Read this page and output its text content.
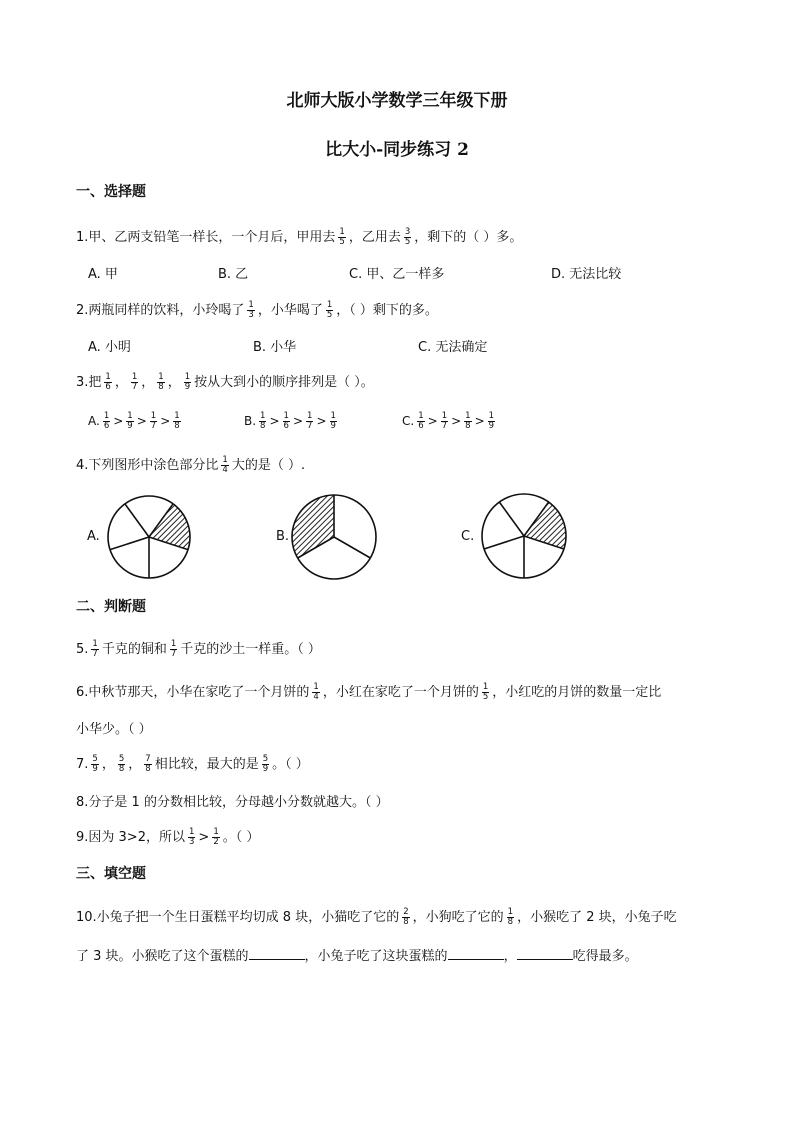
北师大版小学数学三年级下册
比大小-同步练习 2
一、选择题
1.甲、乙两支铅笔一样长，一个月后，甲用去 $\frac{1}{5}$ ，乙用去 $\frac{3}{5}$ ，剩下的（ ）多。
A. 甲	B. 乙	C. 甲、乙一样多	D. 无法比较
2.两瓶同样的饮料，小玲喝了 $\frac{1}{3}$ ，小华喝了 $\frac{1}{5}$ ，（ ）剩下的多。
A. 小明	B. 小华	C. 无法确定
3.把 $\frac{1}{6}$ ， $\frac{1}{7}$ ， $\frac{1}{8}$ ， $\frac{1}{9}$ 按从大到小的顺序排列是（ ）。
A. $\frac{1}{6} > \frac{1}{9} > \frac{1}{7} > \frac{1}{8}$	B. $\frac{1}{8} > \frac{1}{6} > \frac{1}{7} > \frac{1}{9}$	C. $\frac{1}{6} > \frac{1}{7} > \frac{1}{8} > \frac{1}{9}$
4.下列图形中涂色部分比 $\frac{1}{4}$ 大的是（ ）.
A.	B.	C.
二、判断题
5. $\frac{1}{7}$ 千克的铜和 $\frac{1}{7}$ 千克的沙土一样重。（ ）
6.中秋节那天，小华在家吃了一个月饼的 $\frac{1}{4}$ ，小红在家吃了一个月饼的 $\frac{1}{5}$ ，小红吃的月饼的数量一定比
小华少。（ ）
7. $\frac{5}{9}$ ， $\frac{5}{8}$ ， $\frac{7}{8}$ 相比较，最大的是 $\frac{5}{9}$ 。（ ）
8.分子是 1 的分数相比较，分母越小分数就越大。（ ）
9.因为 3>2，所以 $\frac{1}{3} > \frac{1}{2}$ 。（ ）
三、填空题
10.小兔子把一个生日蛋糕平均切成 8 块，小猫吃了它的 $\frac{2}{8}$ ，小狗吃了它的 $\frac{1}{8}$ ，小猴吃了 2 块，小兔子吃
了 3 块。小猴吃了这个蛋糕的	，小兔子吃了这块蛋糕的	，	吃得最多。
